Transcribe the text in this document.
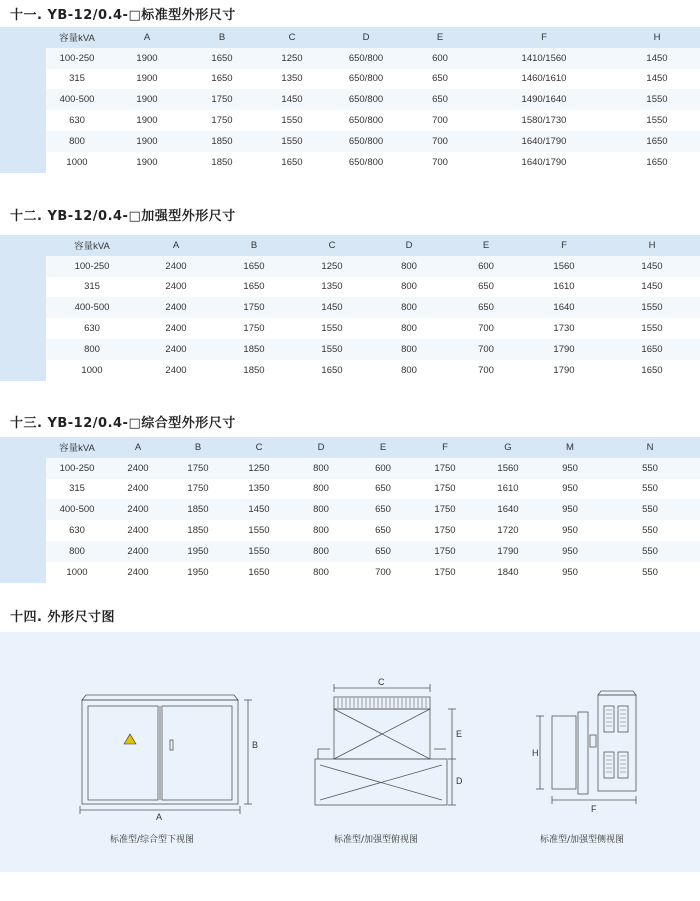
十一. YB-12/0.4-□标准型外形尺寸
容量kVA	A	B	C	D	E	F	H
100-250	1900	1650	1250	650/800	600	1410/1560	1450
315	1900	1650	1350	650/800	650	1460/1610	1450
400-500	1900	1750	1450	650/800	650	1490/1640	1550
630	1900	1750	1550	650/800	700	1580/1730	1550
800	1900	1850	1550	650/800	700	1640/1790	1650
1000	1900	1850	1650	650/800	700	1640/1790	1650
十二. YB-12/0.4-□加强型外形尺寸
容量kVA	A	B	C	D	E	F	H
100-250	2400	1650	1250	800	600	1560	1450
315	2400	1650	1350	800	650	1610	1450
400-500	2400	1750	1450	800	650	1640	1550
630	2400	1750	1550	800	700	1730	1550
800	2400	1850	1550	800	700	1790	1650
1000	2400	1850	1650	800	700	1790	1650
十三. YB-12/0.4-□综合型外形尺寸
容量kVA	A	B	C	D	E	F	G	M	N
100-250	2400	1750	1250	800	600	1750	1560	950	550
315	2400	1750	1350	800	650	1750	1610	950	550
400-500	2400	1850	1450	800	650	1750	1640	950	550
630	2400	1850	1550	800	650	1750	1720	950	550
800	2400	1950	1550	800	650	1750	1790	950	550
1000	2400	1950	1650	800	700	1750	1840	950	550
十四. 外形尺寸图
A
B
C
E
D
H
F
标准型/综合型下视图	标准型/加强型俯视图	标准型/加强型侧视图
